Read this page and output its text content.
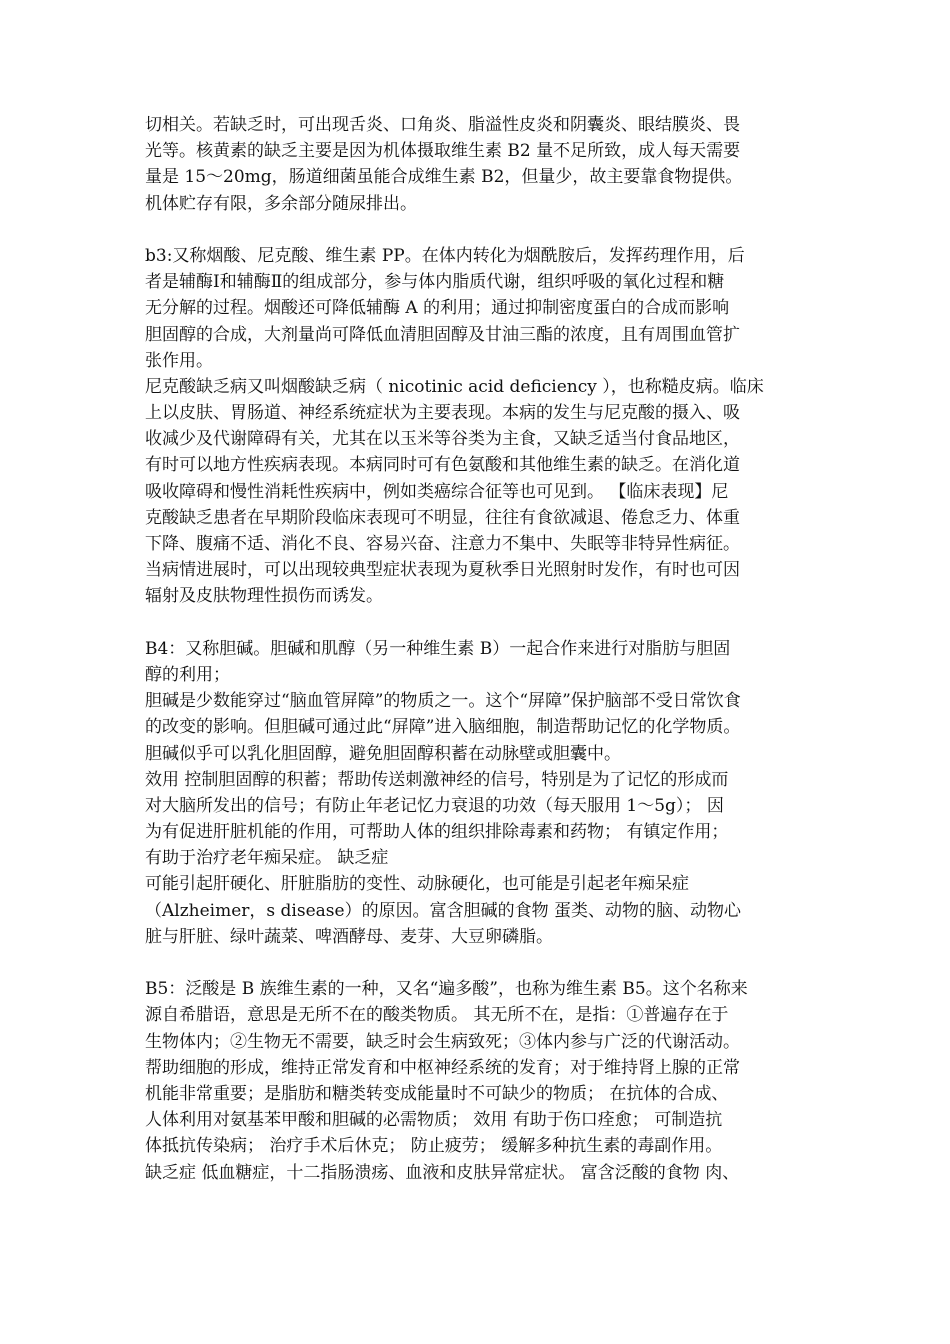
切相关。若缺乏时，可出现舌炎、口角炎、脂溢性皮炎和阴囊炎、眼结膜炎、畏
光等。核黄素的缺乏主要是因为机体摄取维生素 B2 量不足所致，成人每天需要
量是 15～20mg，肠道细菌虽能合成维生素 B2，但量少，故主要靠食物提供。
机体贮存有限，多余部分随尿排出。
b3:又称烟酸、尼克酸、维生素 PP。在体内转化为烟酰胺后，发挥药理作用，后
者是辅酶Ⅰ和辅酶Ⅱ的组成部分，参与体内脂质代谢，组织呼吸的氧化过程和糖
无分解的过程。烟酸还可降低辅酶 A 的利用；通过抑制密度蛋白的合成而影响
胆固醇的合成，大剂量尚可降低血清胆固醇及甘油三酯的浓度，且有周围血管扩
张作用。
尼克酸缺乏病又叫烟酸缺乏病（ nicotinic acid deficiency ），也称糙皮病。临床
上以皮肤、胃肠道、神经系统症状为主要表现。本病的发生与尼克酸的摄入、吸
收减少及代谢障碍有关，尤其在以玉米等谷类为主食，又缺乏适当付食品地区，
有时可以地方性疾病表现。本病同时可有色氨酸和其他维生素的缺乏。在消化道
吸收障碍和慢性消耗性疾病中，例如类癌综合征等也可见到。 【临床表现】尼
克酸缺乏患者在早期阶段临床表现可不明显，往往有食欲减退、倦怠乏力、体重
下降、腹痛不适、消化不良、容易兴奋、注意力不集中、失眠等非特异性病征。
当病情进展时，可以出现较典型症状表现为夏秋季日光照射时发作，有时也可因
辐射及皮肤物理性损伤而诱发。
B4：又称胆碱。胆碱和肌醇（另一种维生素 B）一起合作来进行对脂肪与胆固
醇的利用；
胆碱是少数能穿过“脑血管屏障”的物质之一。这个“屏障”保护脑部不受日常饮食
的改变的影响。但胆碱可通过此“屏障”进入脑细胞，制造帮助记忆的化学物质。
胆碱似乎可以乳化胆固醇，避免胆固醇积蓄在动脉壁或胆囊中。
效用 控制胆固醇的积蓄；帮助传送刺激神经的信号，特别是为了记忆的形成而
对大脑所发出的信号；有防止年老记忆力衰退的功效（每天服用 1～5g）； 因
为有促进肝脏机能的作用，可帮助人体的组织排除毒素和药物； 有镇定作用；
有助于治疗老年痴呆症。 缺乏症
可能引起肝硬化、肝脏脂肪的变性、动脉硬化，也可能是引起老年痴呆症
（Alzheimer，s disease）的原因。富含胆碱的食物 蛋类、动物的脑、动物心
脏与肝脏、绿叶蔬菜、啤酒酵母、麦芽、大豆卵磷脂。
B5：泛酸是 B 族维生素的一种，又名“遍多酸”，也称为维生素 B5。这个名称来
源自希腊语，意思是无所不在的酸类物质。 其无所不在，是指：①普遍存在于
生物体内；②生物无不需要，缺乏时会生病致死；③体内参与广泛的代谢活动。
帮助细胞的形成，维持正常发育和中枢神经系统的发育；对于维持肾上腺的正常
机能非常重要；是脂肪和糖类转变成能量时不可缺少的物质； 在抗体的合成、
人体利用对氨基苯甲酸和胆碱的必需物质； 效用 有助于伤口痊愈； 可制造抗
体抵抗传染病； 治疗手术后休克； 防止疲劳； 缓解多种抗生素的毒副作用。
缺乏症 低血糖症，十二指肠溃疡、血液和皮肤异常症状。 富含泛酸的食物 肉、
